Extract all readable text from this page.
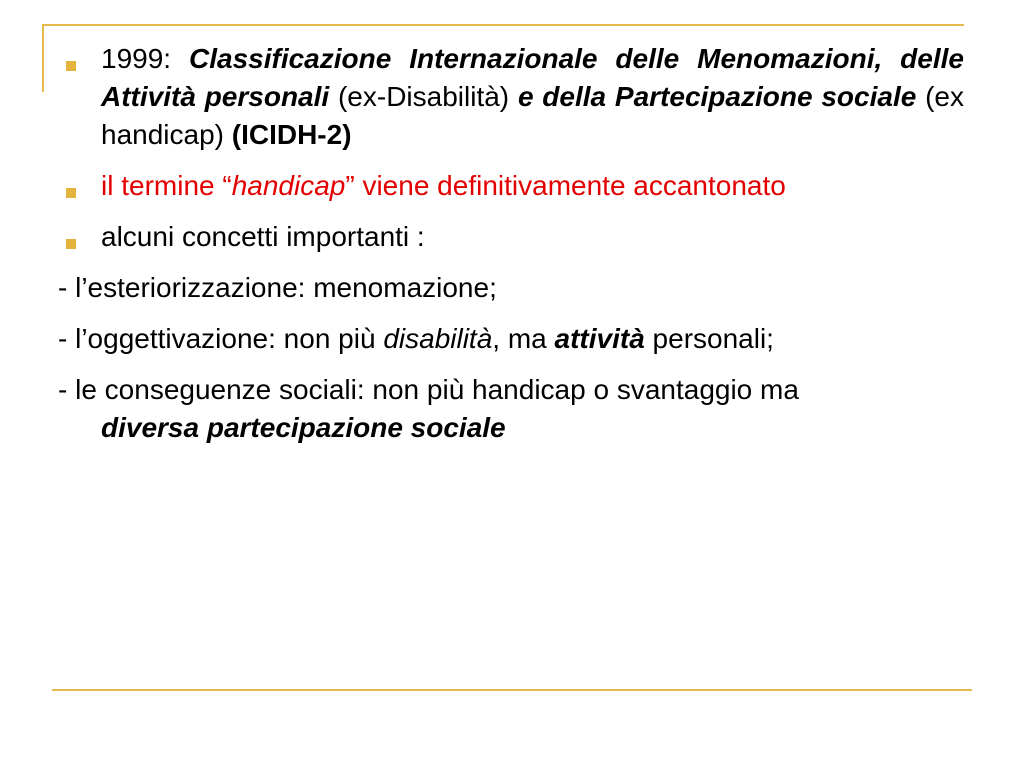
1999: Classificazione Internazionale delle Menomazioni, delle Attività personali (ex-Disabilità) e della Partecipazione sociale (ex handicap) (ICIDH-2)

il termine “handicap” viene definitivamente accantonato

alcuni concetti importanti :

- l’esteriorizzazione: menomazione;

- l’oggettivazione: non più disabilità, ma attività personali;

- le conseguenze sociali: non più handicap o svantaggio ma diversa partecipazione sociale
